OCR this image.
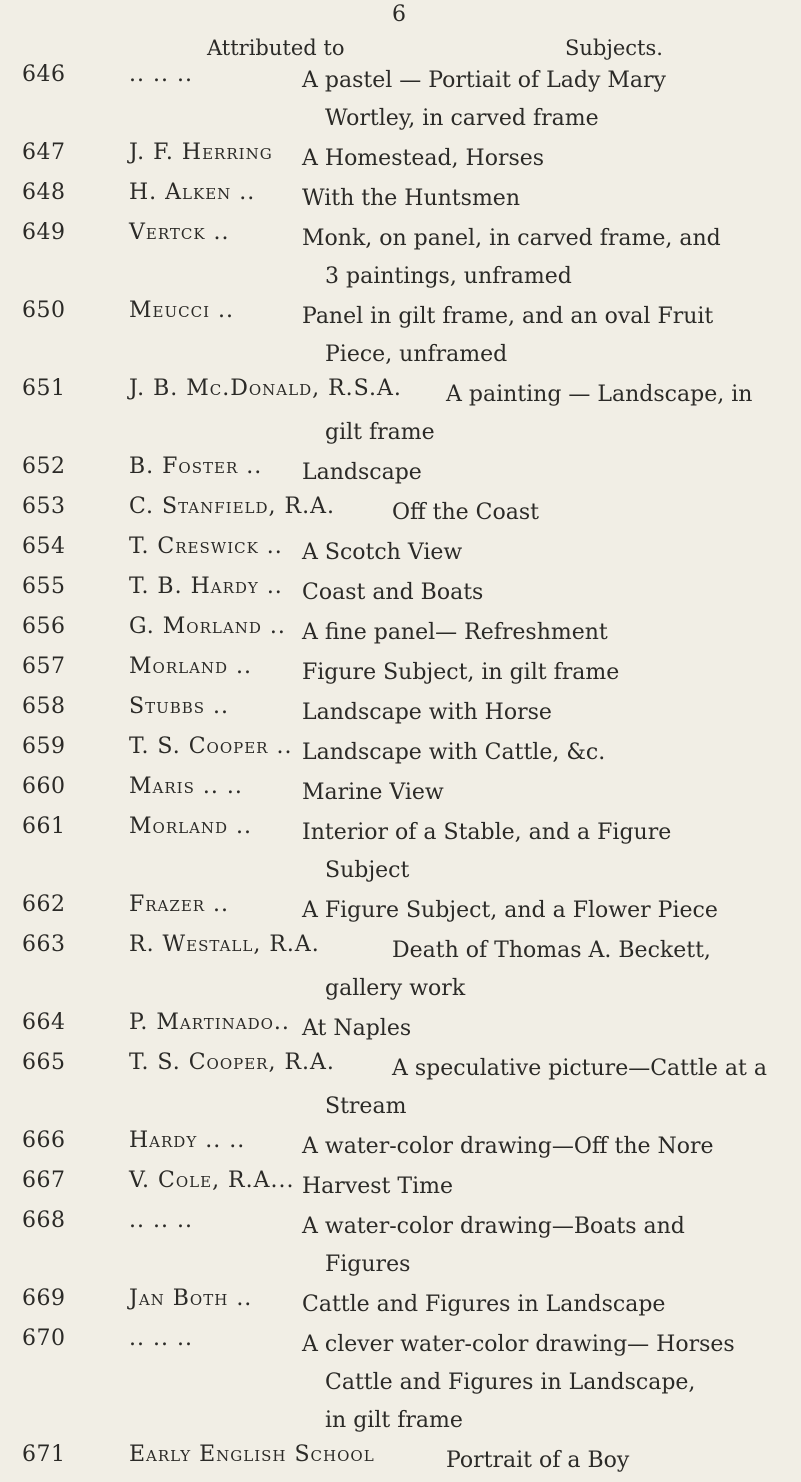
6
Attributed to	Subjects.
646	.. .. ..	A pastel — Portiait of Lady Mary
Wortley, in carved frame
647	J. F. Herring	A Homestead, Horses
648	H. Alken ..	With the Huntsmen
649	Vertck ..	Monk, on panel, in carved frame, and
3 paintings, unframed
650	Meucci ..	Panel in gilt frame, and an oval Fruit
Piece, unframed
651	J. B. Mc.Donald, R.S.A.	A painting — Landscape, in
gilt frame
652	B. Foster ..	Landscape
653	C. Stanfield, R.A.	Off the Coast
654	T. Creswick .. A Scotch View
655	T. B. Hardy .. Coast and Boats
656	G. Morland .. A fine panel— Refreshment
657	Morland ..	Figure Subject, in gilt frame
658	Stubbs ..	Landscape with Horse
659	T. S. Cooper .. Landscape with Cattle, &c.
660	Maris .. ..	Marine View
661	Morland ..	Interior of a Stable, and a Figure
Subject
662	Frazer ..	A Figure Subject, and a Flower Piece
663	R. Westall, R.A.	Death of Thomas A. Beckett,
gallery work
664	P. Martinado.. At Naples
665	T. S. Cooper, R.A.	A speculative picture—Cattle at a
Stream
666	Hardy .. ..	A water-color drawing—Off the Nore
667	V. Cole, R.A... Harvest Time
668	.. .. ..	A water-color drawing—Boats and
Figures
669	Jan Both ..	Cattle and Figures in Landscape
670	.. .. ..	A clever water-color drawing— Horses
Cattle and Figures in Landscape,
in gilt frame
671	Early English School	Portrait of a Boy
